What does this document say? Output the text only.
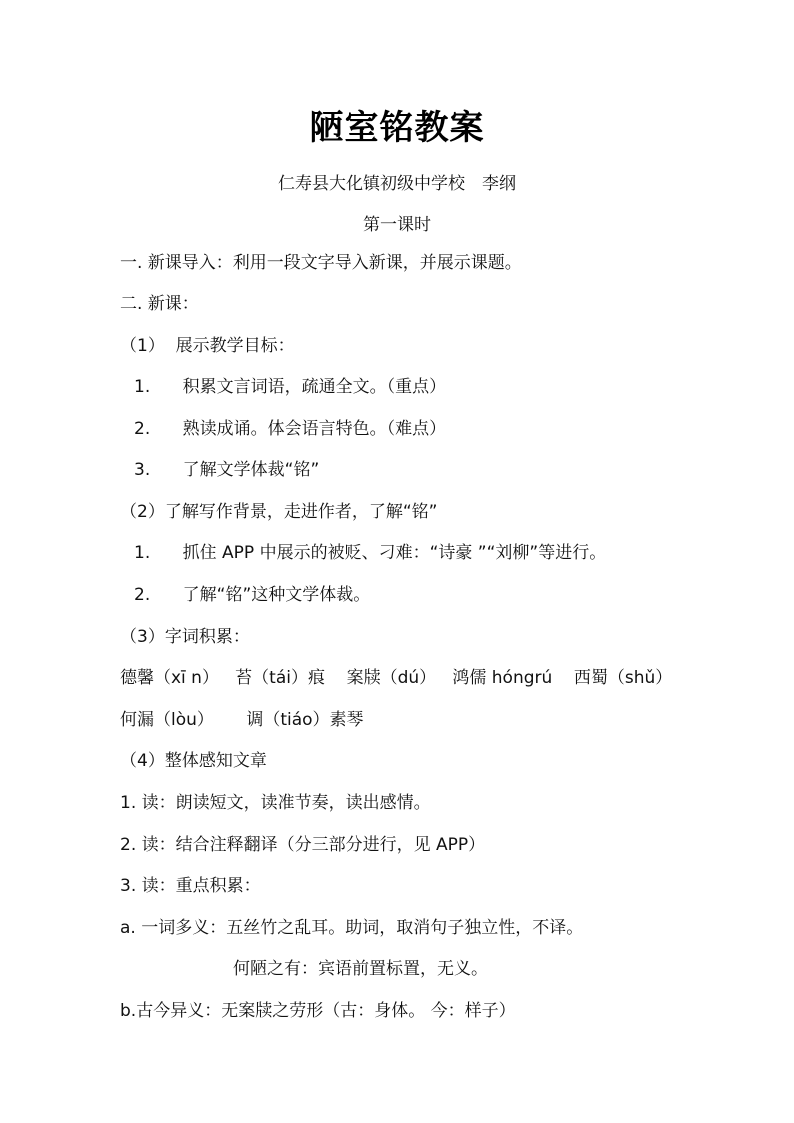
陋室铭教案
仁寿县大化镇初级中学校　李纲
第一课时
一. 新课导入：利用一段文字导入新课，并展示课题。
二. 新课：
（1）  展示教学目标：
1.      积累文言词语，疏通全文。（重点）
2.      熟读成诵。体会语言特色。（难点）
3.      了解文学体裁“铭”
（2）了解写作背景，走进作者，了解“铭”
1.      抓住 APP 中展示的被贬、刁难：“诗豪 ”“刘柳”等进行。
2.      了解“铭”这种文学体裁。
（3）字词积累：
德馨（xī n）   苔（tái）痕    案牍（dú）   鸿儒 hóngrú    西蜀（shǔ）
何漏（lòu）      调（tiáo）素琴
（4）整体感知文章
1. 读：朗读短文，读准节奏，读出感情。
2. 读：结合注释翻译（分三部分进行，见 APP）
3. 读：重点积累：
a. 一词多义：五丝竹之乱耳。助词，取消句子独立性，不译。
何陋之有：宾语前置标置，无义。
b.古今异义：无案牍之劳形（古：身体。 今：样子）
